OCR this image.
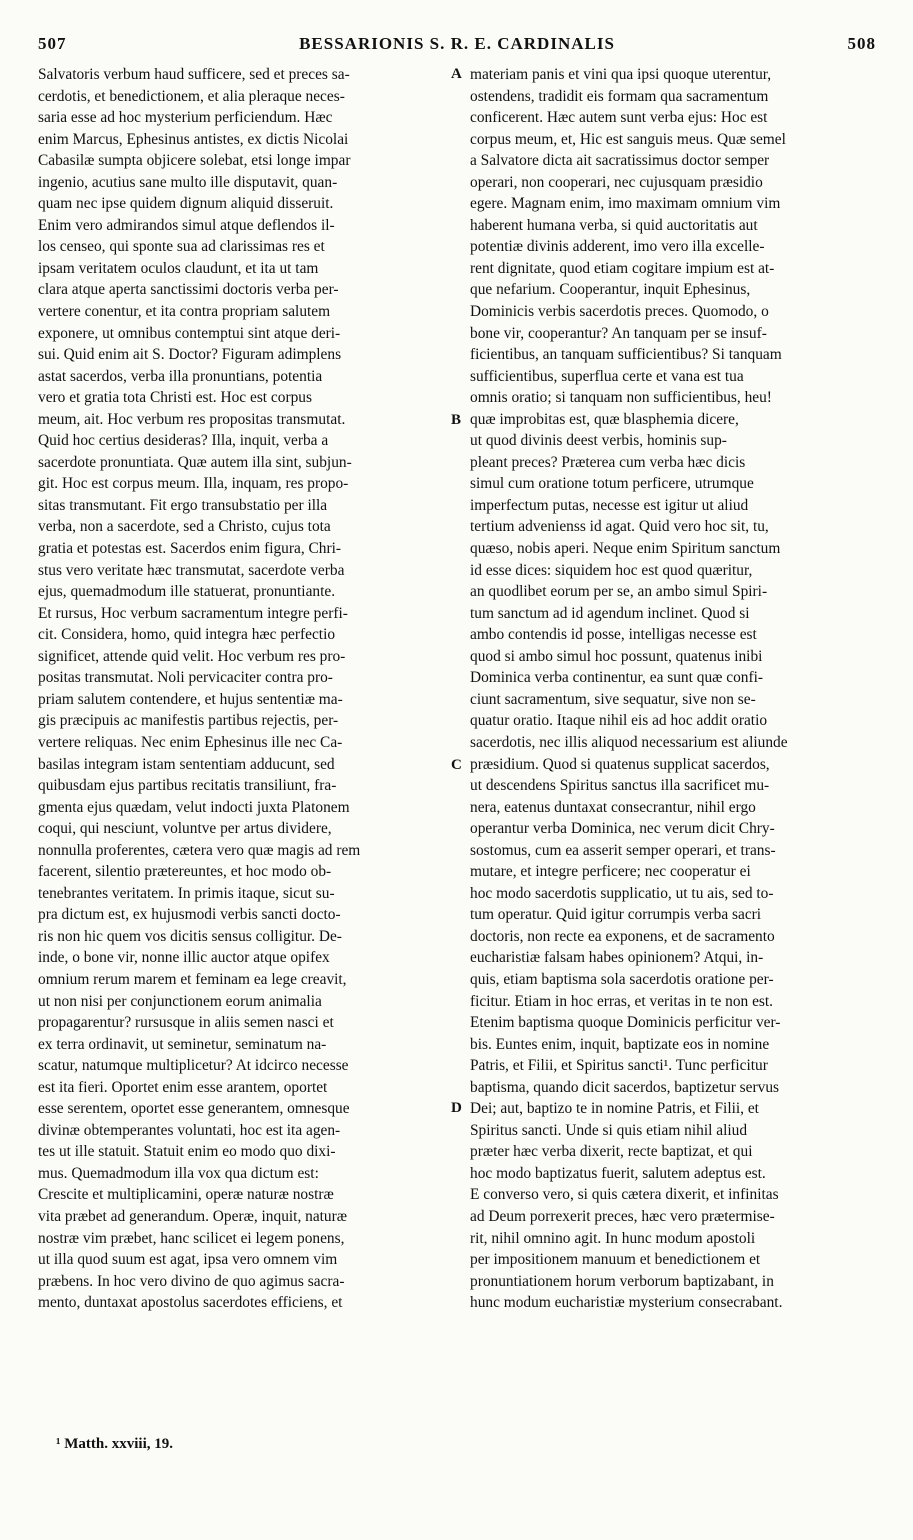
507	BESSARIONIS S. R. E. CARDINALIS	508
Salvatoris verbum haud sufficere, sed et preces sa-
cerdotis, et benedictionem, et alia pleraque neces-
saria esse ad hoc mysterium perficiendum. Hæc
enim Marcus, Ephesinus antistes, ex dictis Nicolai
Cabasilæ sumpta objicere solebat, etsi longe impar
ingenio, acutius sane multo ille disputavit, quan-
quam nec ipse quidem dignum aliquid disseruit.
Enim vero admirandos simul atque deflendos il-
los censeo, qui sponte sua ad clarissimas res et
ipsam veritatem oculos claudunt, et ita ut tam
clara atque aperta sanctissimi doctoris verba per-
vertere conentur, et ita contra propriam salutem
exponere, ut omnibus contemptui sint atque deri-
sui. Quid enim ait S. Doctor? Figuram adimplens
astat sacerdos, verba illa pronuntians, potentia
vero et gratia tota Christi est. Hoc est corpus
meum, ait. Hoc verbum res propositas transmutat.
Quid hoc certius desideras? Illa, inquit, verba a
sacerdote pronuntiata. Quæ autem illa sint, subjun-
git. Hoc est corpus meum. Illa, inquam, res propo-
sitas transmutant. Fit ergo transubstatio per illa
verba, non a sacerdote, sed a Christo, cujus tota
gratia et potestas est. Sacerdos enim figura, Chri-
stus vero veritate hæc transmutat, sacerdote verba
ejus, quemadmodum ille statuerat, pronuntiante.
Et rursus, Hoc verbum sacramentum integre perfi-
cit. Considera, homo, quid integra hæc perfectio
significet, attende quid velit. Hoc verbum res pro-
positas transmutat. Noli pervicaciter contra pro-
priam salutem contendere, et hujus sententiæ ma-
gis præcipuis ac manifestis partibus rejectis, per-
vertere reliquas. Nec enim Ephesinus ille nec Ca-
basilas integram istam sententiam adducunt, sed
quibusdam ejus partibus recitatis transiliunt, fra-
gmenta ejus quædam, velut indocti juxta Platonem
coqui, qui nesciunt, voluntve per artus dividere,
nonnulla proferentes, cætera vero quæ magis ad rem
facerent, silentio prætereuntes, et hoc modo ob-
tenebrantes veritatem. In primis itaque, sicut su-
pra dictum est, ex hujusmodi verbis sancti docto-
ris non hic quem vos dicitis sensus colligitur. De-
inde, o bone vir, nonne illic auctor atque opifex
omnium rerum marem et feminam ea lege creavit,
ut non nisi per conjunctionem eorum animalia
propagarentur? rursusque in aliis semen nasci et
ex terra ordinavit, ut seminetur, seminatum na-
scatur, natumque multiplicetur? At idcirco necesse
est ita fieri. Oportet enim esse arantem, oportet
esse serentem, oportet esse generantem, omnesque
divinæ obtemperantes voluntati, hoc est ita agen-
tes ut ille statuit. Statuit enim eo modo quo dixi-
mus. Quemadmodum illa vox qua dictum est:
Crescite et multiplicamini, operæ naturæ nostræ
vita præbet ad generandum. Operæ, inquit, naturæ
nostræ vim præbet, hanc scilicet ei legem ponens,
ut illa quod suum est agat, ipsa vero omnem vim
præbens. In hoc vero divino de quo agimus sacra-
mento, duntaxat apostolus sacerdotes efficiens, et
materiam panis et vini qua ipsi quoque uterentur,
ostendens, tradidit eis formam qua sacramentum
conficerent. Hæc autem sunt verba ejus: Hoc est
corpus meum, et, Hic est sanguis meus. Quæ semel
a Salvatore dicta ait sacratissimus doctor semper
operari, non cooperari, nec cujusquam præsidio
egere. Magnam enim, imo maximam omnium vim
haberent humana verba, si quid auctoritatis aut
potentiæ divinis adderent, imo vero illa excelle-
rent dignitate, quod etiam cogitare impium est at-
que nefarium. Cooperantur, inquit Ephesinus,
Dominicis verbis sacerdotis preces. Quomodo, o
bone vir, cooperantur? An tanquam per se insuf-
ficientibus, an tanquam sufficientibus? Si tanquam
sufficientibus, superflua certe et vana est tua
omnis oratio; si tanquam non sufficientibus, heu!
quæ improbitas est, quæ blasphemia dicere,
ut quod divinis deest verbis, hominis sup-
pleant preces? Præterea cum verba hæc dicis
simul cum oratione totum perficere, utrumque
imperfectum putas, necesse est igitur ut aliud
tertium advenienss id agat. Quid vero hoc sit, tu,
quæso, nobis aperi. Neque enim Spiritum sanctum
id esse dices: siquidem hoc est quod quæritur,
an quodlibet eorum per se, an ambo simul Spiri-
tum sanctum ad id agendum inclinet. Quod si
ambo contendis id posse, intelligas necesse est
quod si ambo simul hoc possunt, quatenus inibi
Dominica verba continentur, ea sunt quæ confi-
ciunt sacramentum, sive sequatur, sive non se-
quatur oratio. Itaque nihil eis ad hoc addit oratio
sacerdotis, nec illis aliquod necessarium est aliunde
præsidium. Quod si quatenus supplicat sacerdos,
ut descendens Spiritus sanctus illa sacrificet mu-
nera, eatenus duntaxat consecrantur, nihil ergo
operantur verba Dominica, nec verum dicit Chry-
sostomus, cum ea asserit semper operari, et trans-
mutare, et integre perficere; nec cooperatur ei
hoc modo sacerdotis supplicatio, ut tu ais, sed to-
tum operatur. Quid igitur corrumpis verba sacri
doctoris, non recte ea exponens, et de sacramento
eucharistiæ falsam habes opinionem? Atqui, in-
quis, etiam baptisma sola sacerdotis oratione per-
ficitur. Etiam in hoc erras, et veritas in te non est.
Etenim baptisma quoque Dominicis perficitur ver-
bis. Euntes enim, inquit, baptizate eos in nomine
Patris, et Filii, et Spiritus sancti¹. Tunc perficitur
baptisma, quando dicit sacerdos, baptizetur servus
Dei; aut, baptizo te in nomine Patris, et Filii, et
Spiritus sancti. Unde si quis etiam nihil aliud
præter hæc verba dixerit, recte baptizat, et qui
hoc modo baptizatus fuerit, salutem adeptus est.
E converso vero, si quis cætera dixerit, et infinitas
ad Deum porrexerit preces, hæc vero prætermise-
rit, nihil omnino agit. In hunc modum apostoli
per impositionem manuum et benedictionem et
pronuntiationem horum verborum baptizabant, in
hunc modum eucharistiæ mysterium consecrabant.
A
B
C
D
¹ Matth. xxviii, 19.
